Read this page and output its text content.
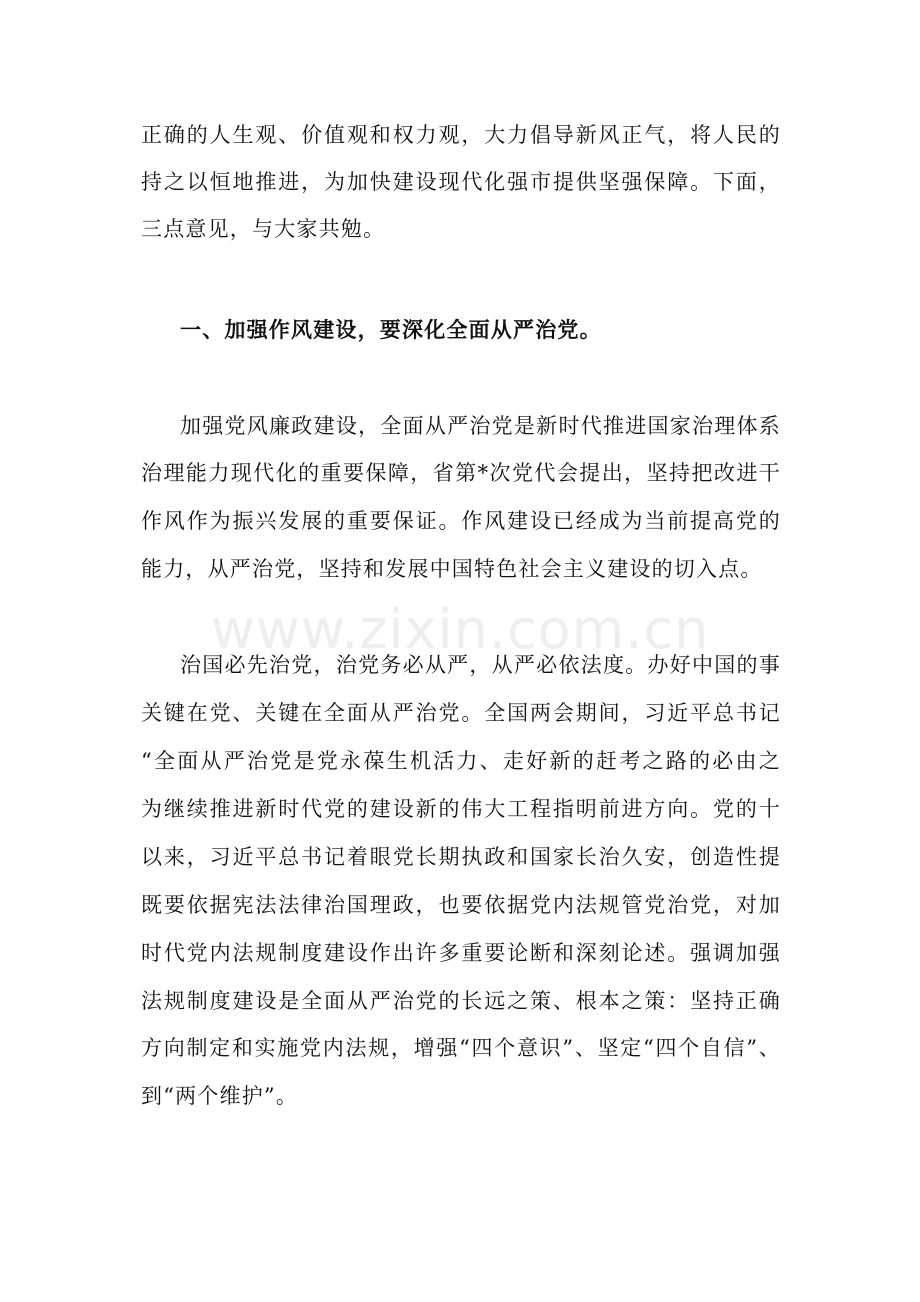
www.zixin.com.cn
正确的人生观、价值观和权力观，大力倡导新风正气，将人民的
持之以恒地推进，为加快建设现代化强市提供坚强保障。下面，
三点意见，与大家共勉。
一、加强作风建设，要深化全面从严治党。
加强党风廉政建设，全面从严治党是新时代推进国家治理体系
治理能力现代化的重要保障，省第*次党代会提出，坚持把改进干
作风作为振兴发展的重要保证。作风建设已经成为当前提高党的
能力，从严治党，坚持和发展中国特色社会主义建设的切入点。
治国必先治党，治党务必从严，从严必依法度。办好中国的事
关键在党、关键在全面从严治党。全国两会期间，习近平总书记
“全面从严治党是党永葆生机活力、走好新的赶考之路的必由之
为继续推进新时代党的建设新的伟大工程指明前进方向。党的十
以来，习近平总书记着眼党长期执政和国家长治久安，创造性提
既要依据宪法法律治国理政，也要依据党内法规管党治党，对加
时代党内法规制度建设作出许多重要论断和深刻论述。强调加强
法规制度建设是全面从严治党的长远之策、根本之策：坚持正确
方向制定和实施党内法规，增强“四个意识”、坚定“四个自信”、
到“两个维护”。
